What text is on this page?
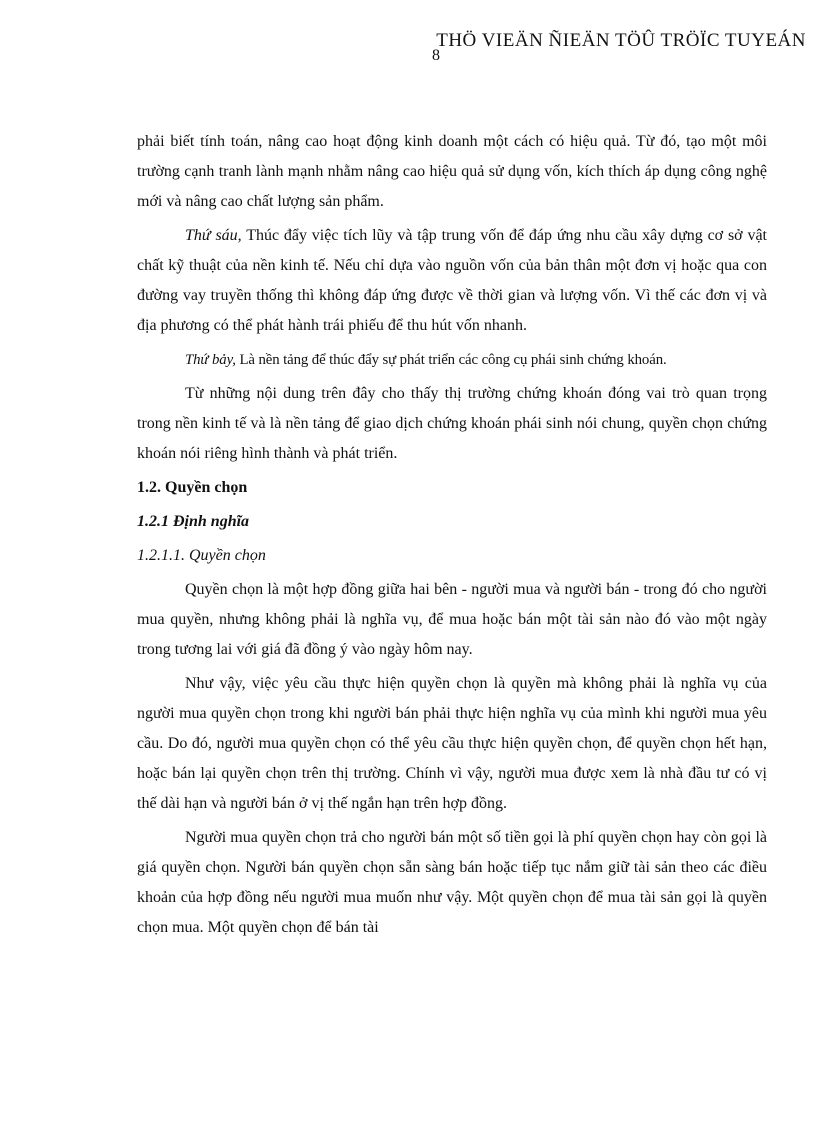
THÖ VIEÄN ÑIEÄN TÖÛ TRÖÏC TUYEÁN
8

phải biết tính toán, nâng cao hoạt động kinh doanh một cách có hiệu quả. Từ đó, tạo một môi trường cạnh tranh lành mạnh nhằm nâng cao hiệu quả sử dụng vốn, kích thích áp dụng công nghệ mới và nâng cao chất lượng sản phẩm.

Thứ sáu, Thúc đẩy việc tích lũy và tập trung vốn để đáp ứng nhu cầu xây dựng cơ sở vật chất kỹ thuật của nền kinh tế. Nếu chỉ dựa vào nguồn vốn của bản thân một đơn vị hoặc qua con đường vay truyền thống thì không đáp ứng được về thời gian và lượng vốn. Vì thế các đơn vị và địa phương có thể phát hành trái phiếu để thu hút vốn nhanh.

Thứ bảy, Là nền tảng để thúc đẩy sự phát triển các công cụ phái sinh chứng khoán.

Từ những nội dung trên đây cho thấy thị trường chứng khoán đóng vai trò quan trọng trong nền kinh tế và là nền tảng để giao dịch chứng khoán phái sinh nói chung, quyền chọn chứng khoán nói riêng hình thành và phát triển.

1.2. Quyền chọn

1.2.1 Định nghĩa

1.2.1.1. Quyền chọn

Quyền chọn là một hợp đồng giữa hai bên - người mua và người bán - trong đó cho người mua quyền, nhưng không phải là nghĩa vụ, để mua hoặc bán một tài sản nào đó vào một ngày trong tương lai với giá đã đồng ý vào ngày hôm nay.

Như vậy, việc yêu cầu thực hiện quyền chọn là quyền mà không phải là nghĩa vụ của người mua quyền chọn trong khi người bán phải thực hiện nghĩa vụ của mình khi người mua yêu cầu. Do đó, người mua quyền chọn có thể yêu cầu thực hiện quyền chọn, để quyền chọn hết hạn, hoặc bán lại quyền chọn trên thị trường. Chính vì vậy, người mua được xem là nhà đầu tư có vị thế dài hạn và người bán ở vị thế ngắn hạn trên hợp đồng.

Người mua quyền chọn trả cho người bán một số tiền gọi là phí quyền chọn hay còn gọi là giá quyền chọn. Người bán quyền chọn sẵn sàng bán hoặc tiếp tục nắm giữ tài sản theo các điều khoản của hợp đồng nếu người mua muốn như vậy. Một quyền chọn để mua tài sản gọi là quyền chọn mua. Một quyền chọn để bán tài
